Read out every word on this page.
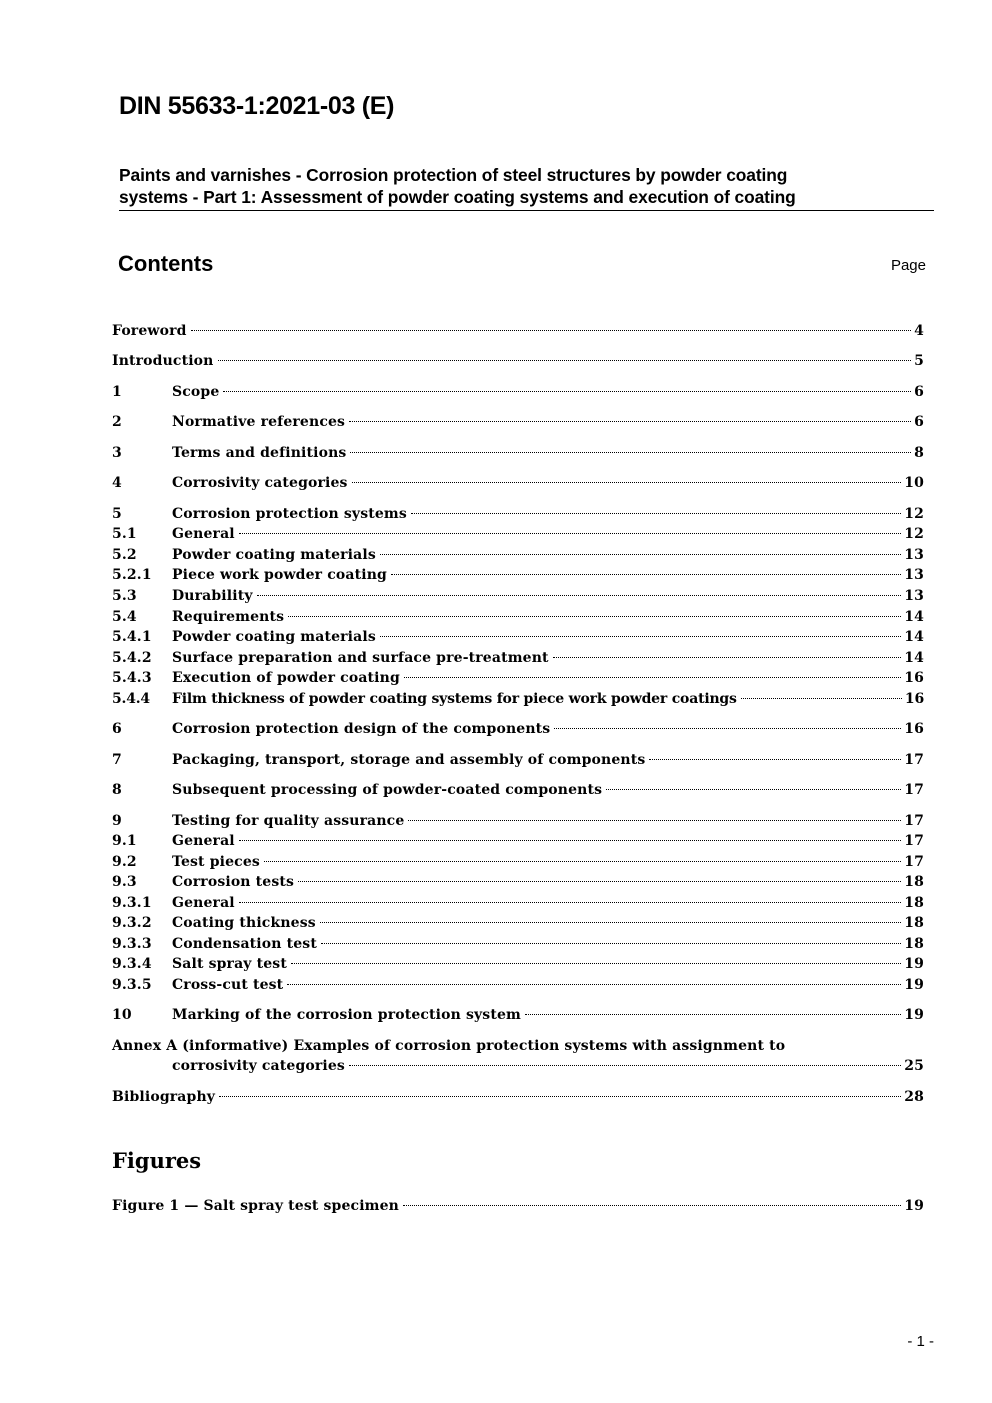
DIN 55633-1:2021-03 (E)
Paints and varnishes - Corrosion protection of steel structures by powder coating
systems - Part 1: Assessment of powder coating systems and execution of coating
Contents	Page
Foreword	4
Introduction	5
1	Scope	6
2	Normative references	6
3	Terms and definitions	8
4	Corrosivity categories	10
5	Corrosion protection systems	12
5.1	General	12
5.2	Powder coating materials	13
5.2.1	Piece work powder coating	13
5.3	Durability	13
5.4	Requirements	14
5.4.1	Powder coating materials	14
5.4.2	Surface preparation and surface pre-treatment	14
5.4.3	Execution of powder coating	16
5.4.4	Film thickness of powder coating systems for piece work powder coatings	16
6	Corrosion protection design of the components	16
7	Packaging, transport, storage and assembly of components	17
8	Subsequent processing of powder-coated components	17
9	Testing for quality assurance	17
9.1	General	17
9.2	Test pieces	17
9.3	Corrosion tests	18
9.3.1	General	18
9.3.2	Coating thickness	18
9.3.3	Condensation test	18
9.3.4	Salt spray test	19
9.3.5	Cross-cut test	19
10	Marking of the corrosion protection system	19
Annex A (informative) Examples of corrosion protection systems with assignment to
corrosivity categories	25
Bibliography	28
Figure 1 — Salt spray test specimen	19
Figures
- 1 -
